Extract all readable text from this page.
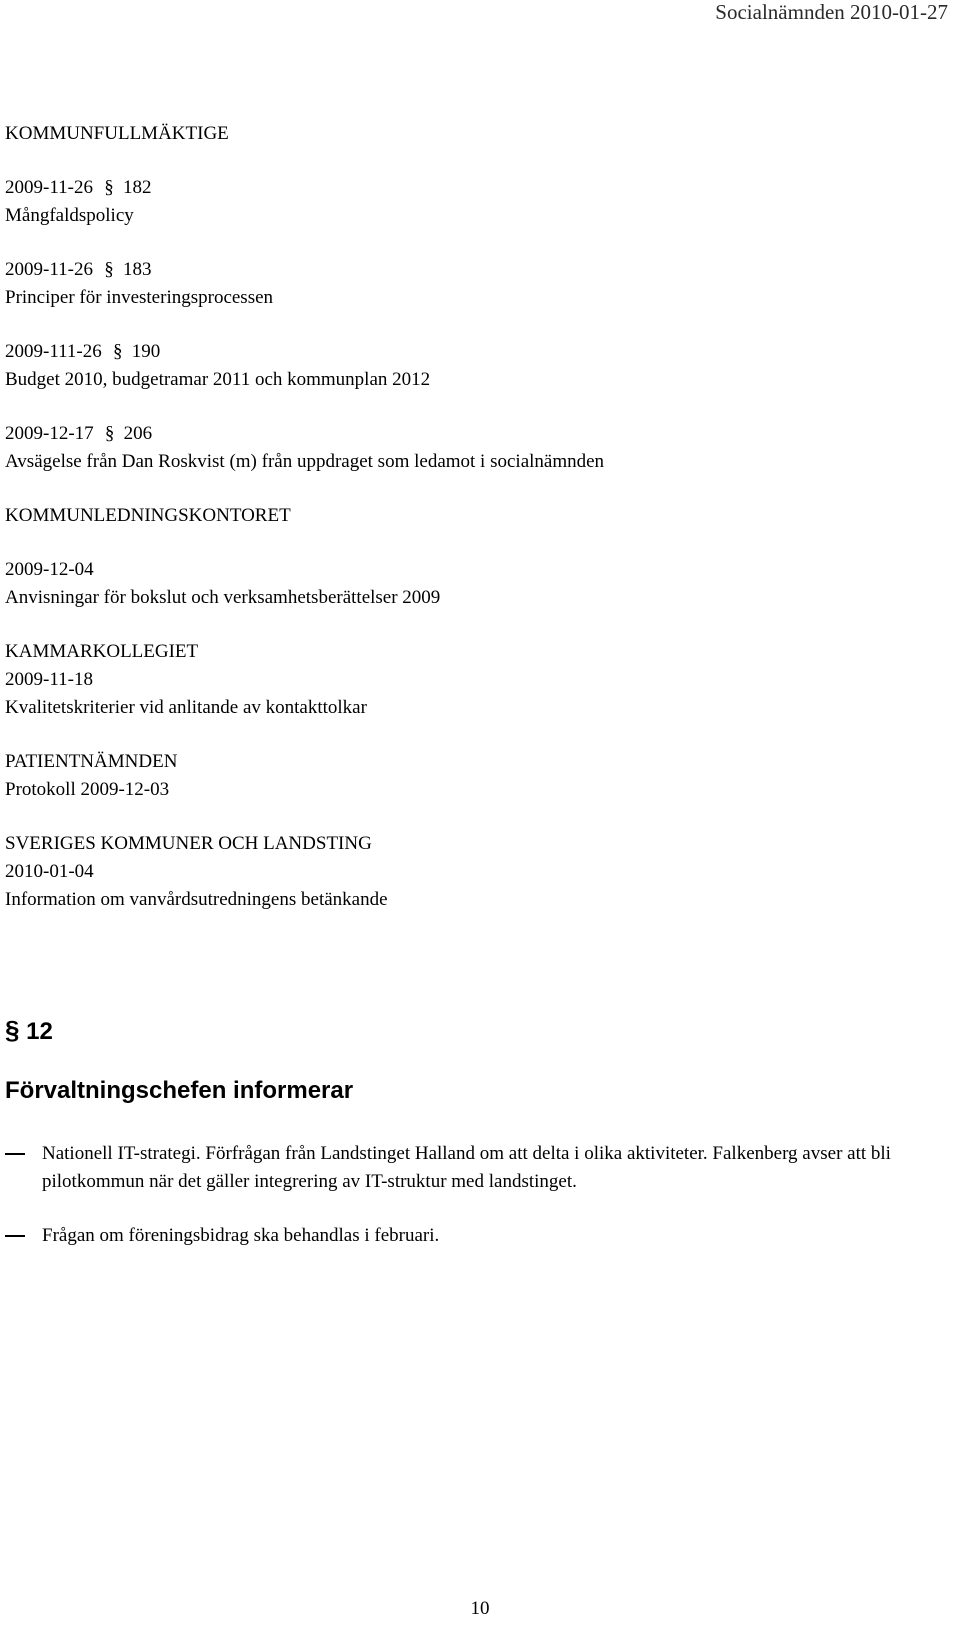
Socialnämnden 2010-01-27
KOMMUNFULLMÄKTIGE
2009-11-26 § 182
Mångfaldspolicy
2009-11-26 § 183
Principer för investeringsprocessen
2009-111-26 § 190
Budget 2010, budgetramar 2011 och kommunplan 2012
2009-12-17 § 206
Avsägelse från Dan Roskvist (m) från uppdraget som ledamot i socialnämnden
KOMMUNLEDNINGSKONTORET
2009-12-04
Anvisningar för bokslut och verksamhetsberättelser 2009
KAMMARKOLLEGIET
2009-11-18
Kvalitetskriterier vid anlitande av kontakttolkar
PATIENTNÄMNDEN
Protokoll 2009-12-03
SVERIGES KOMMUNER OCH LANDSTING
2010-01-04
Information om vanvårdsutredningens betänkande
§ 12
Förvaltningschefen informerar
Nationell IT-strategi. Förfrågan från Landstinget Halland om att delta i olika aktiviteter. Falkenberg avser att bli pilotkommun när det gäller integrering av IT-struktur med landstinget.
Frågan om föreningsbidrag ska behandlas i februari.
10
